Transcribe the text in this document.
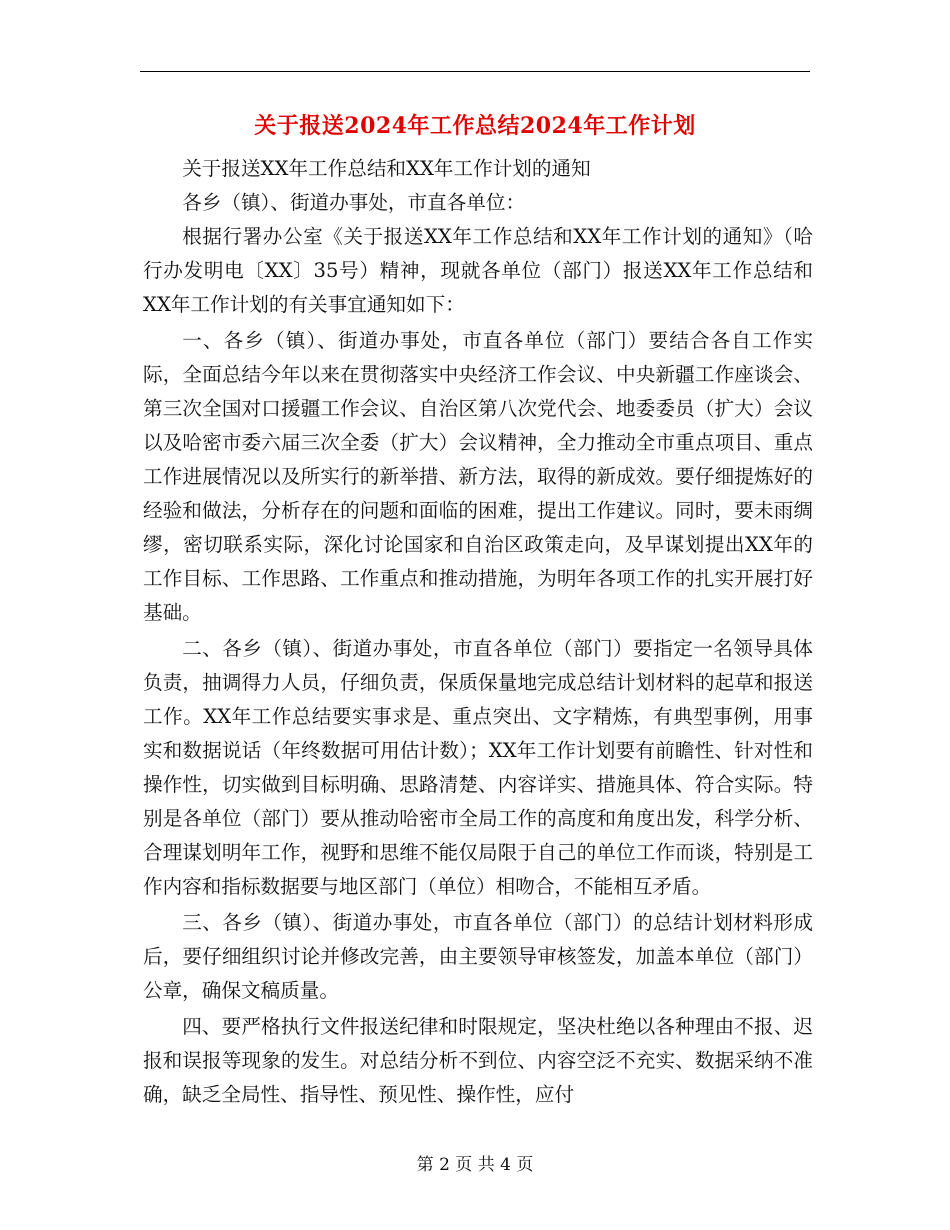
关于报送2024年工作总结2024年工作计划

关于报送XX年工作总结和XX年工作计划的通知

各乡（镇）、街道办事处，市直各单位：

根据行署办公室《关于报送XX年工作总结和XX年工作计划的通知》（哈行办发明电〔XX〕35号）精神，现就各单位（部门）报送XX年工作总结和XX年工作计划的有关事宜通知如下：

一、各乡（镇）、街道办事处，市直各单位（部门）要结合各自工作实际，全面总结今年以来在贯彻落实中央经济工作会议、中央新疆工作座谈会、第三次全国对口援疆工作会议、自治区第八次党代会、地委委员（扩大）会议以及哈密市委六届三次全委（扩大）会议精神，全力推动全市重点项目、重点工作进展情况以及所实行的新举措、新方法，取得的新成效。要仔细提炼好的经验和做法，分析存在的问题和面临的困难，提出工作建议。同时，要未雨绸缪，密切联系实际，深化讨论国家和自治区政策走向，及早谋划提出XX年的工作目标、工作思路、工作重点和推动措施，为明年各项工作的扎实开展打好基础。

二、各乡（镇）、街道办事处，市直各单位（部门）要指定一名领导具体负责，抽调得力人员，仔细负责，保质保量地完成总结计划材料的起草和报送工作。XX年工作总结要实事求是、重点突出、文字精炼，有典型事例，用事实和数据说话（年终数据可用估计数）；XX年工作计划要有前瞻性、针对性和操作性，切实做到目标明确、思路清楚、内容详实、措施具体、符合实际。特别是各单位（部门）要从推动哈密市全局工作的高度和角度出发，科学分析、合理谋划明年工作，视野和思维不能仅局限于自己的单位工作而谈，特别是工作内容和指标数据要与地区部门（单位）相吻合，不能相互矛盾。

三、各乡（镇）、街道办事处，市直各单位（部门）的总结计划材料形成后，要仔细组织讨论并修改完善，由主要领导审核签发，加盖本单位（部门）公章，确保文稿质量。

四、要严格执行文件报送纪律和时限规定，坚决杜绝以各种理由不报、迟报和误报等现象的发生。对总结分析不到位、内容空泛不充实、数据采纳不准确，缺乏全局性、指导性、预见性、操作性，应付

第 2 页 共 4 页
